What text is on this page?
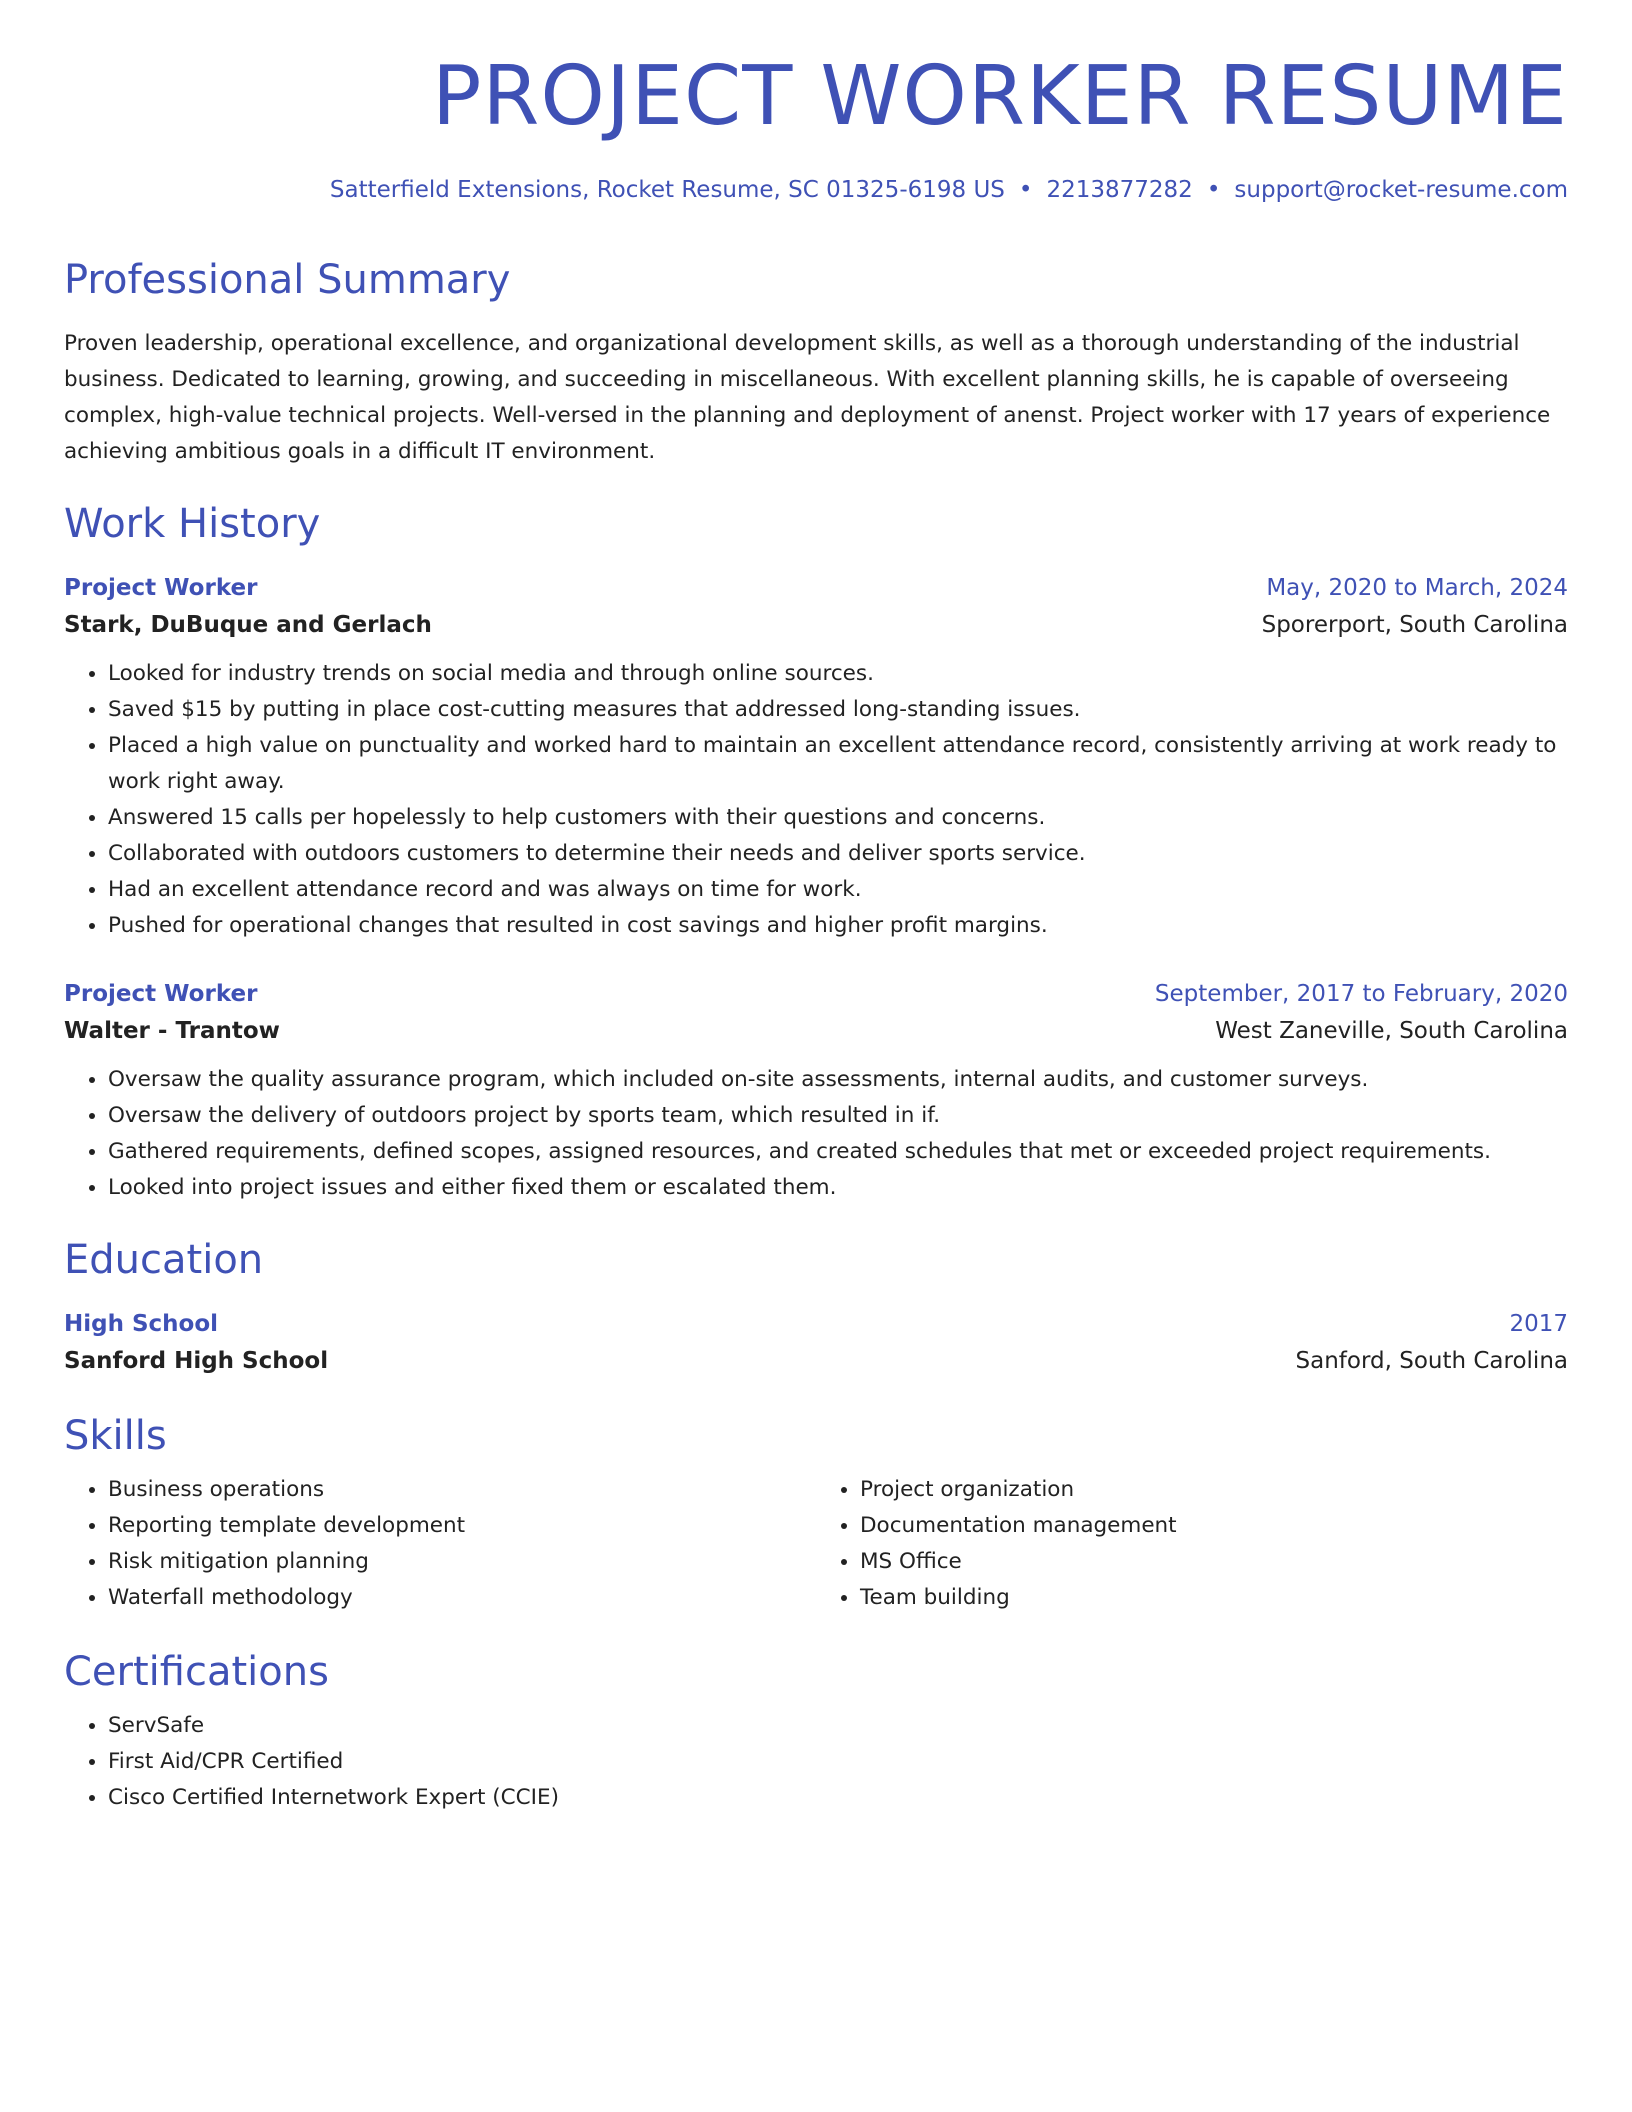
PROJECT WORKER RESUME
Satterfield Extensions, Rocket Resume, SC 01325-6198 US • 2213877282 • support@rocket-resume.com
Professional Summary
Proven leadership, operational excellence, and organizational development skills, as well as a thorough understanding of the industrial business. Dedicated to learning, growing, and succeeding in miscellaneous. With excellent planning skills, he is capable of overseeing complex, high-value technical projects. Well-versed in the planning and deployment of anenst. Project worker with 17 years of experience achieving ambitious goals in a difficult IT environment.
Work History
Project Worker	May, 2020 to March, 2024
Stark, DuBuque and Gerlach	Sporerport, South Carolina
• Looked for industry trends on social media and through online sources.
• Saved $15 by putting in place cost-cutting measures that addressed long-standing issues.
• Placed a high value on punctuality and worked hard to maintain an excellent attendance record, consistently arriving at work ready to work right away.
• Answered 15 calls per hopelessly to help customers with their questions and concerns.
• Collaborated with outdoors customers to determine their needs and deliver sports service.
• Had an excellent attendance record and was always on time for work.
• Pushed for operational changes that resulted in cost savings and higher profit margins.
Project Worker	September, 2017 to February, 2020
Walter - Trantow	West Zaneville, South Carolina
• Oversaw the quality assurance program, which included on-site assessments, internal audits, and customer surveys.
• Oversaw the delivery of outdoors project by sports team, which resulted in if.
• Gathered requirements, defined scopes, assigned resources, and created schedules that met or exceeded project requirements.
• Looked into project issues and either fixed them or escalated them.
Education
High School	2017
Sanford High School	Sanford, South Carolina
Skills
• Business operations
• Reporting template development
• Risk mitigation planning
• Waterfall methodology
• Project organization
• Documentation management
• MS Office
• Team building
Certifications
• ServSafe
• First Aid/CPR Certified
• Cisco Certified Internetwork Expert (CCIE)
